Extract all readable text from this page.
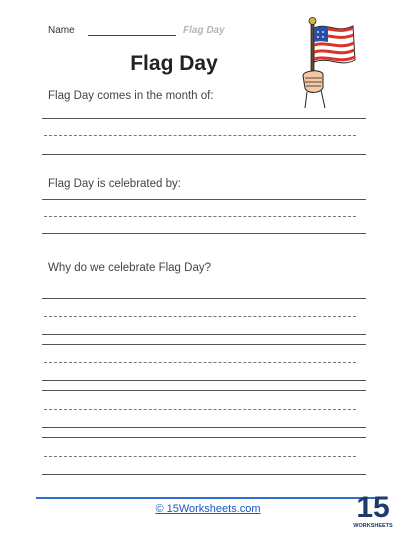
Name	Flag Day
Flag Day
Flag Day comes in the month of:
Flag Day is celebrated by:
Why do we celebrate Flag Day?
© 15Worksheets.com	15
WORKSHEETS
